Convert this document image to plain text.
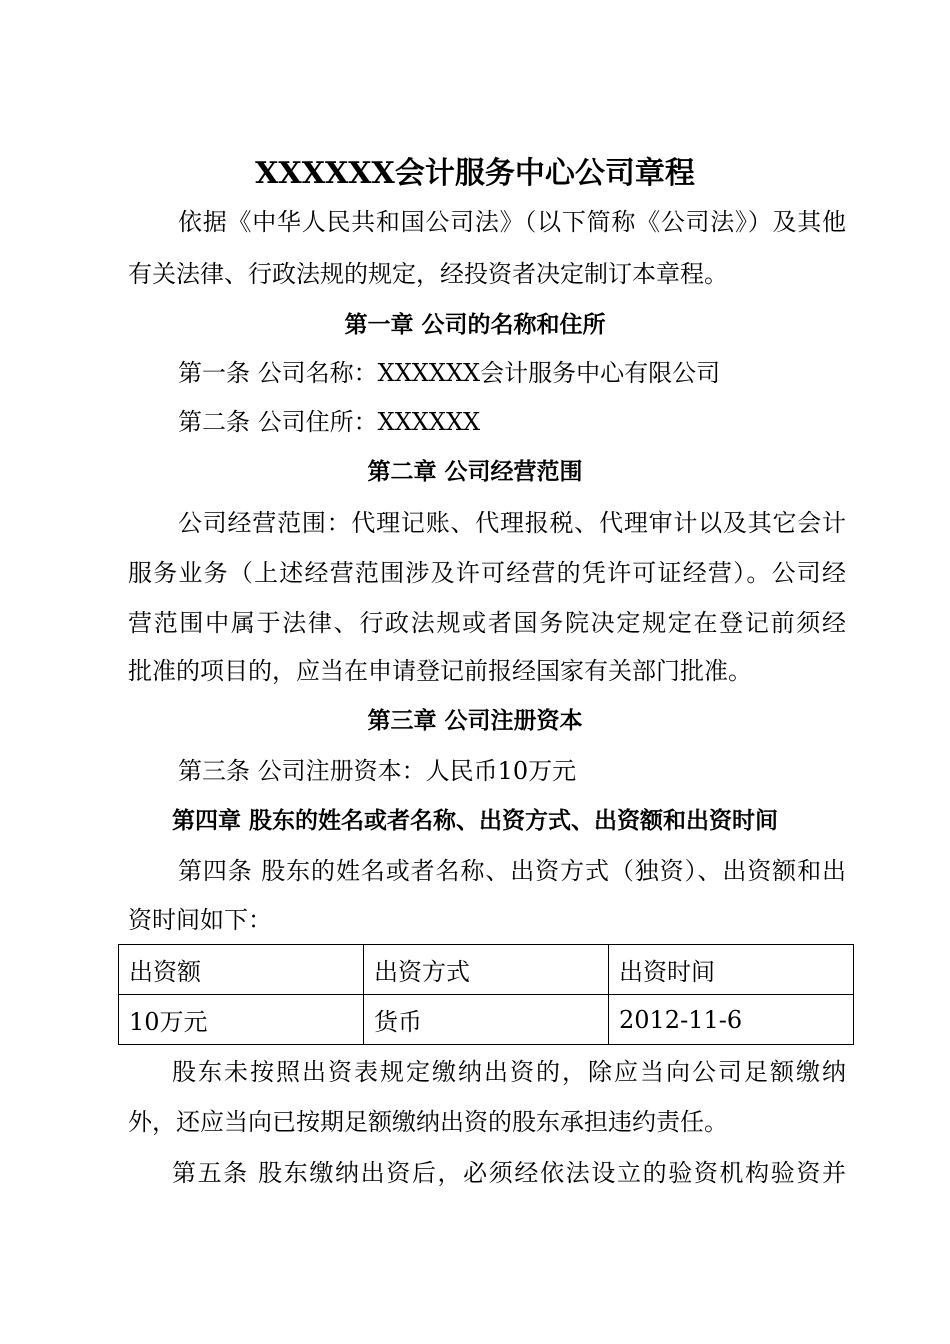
XXXXXX会计服务中心公司章程
依据《中华人民共和国公司法》（以下简称《公司法》）及其他
有关法律、行政法规的规定，经投资者决定制订本章程。
第一章 公司的名称和住所
第一条 公司名称：XXXXXX会计服务中心有限公司
第二条 公司住所：XXXXXX
第二章 公司经营范围
公司经营范围：代理记账、代理报税、代理审计以及其它会计
服务业务（上述经营范围涉及许可经营的凭许可证经营）。公司经
营范围中属于法律、行政法规或者国务院决定规定在登记前须经
批准的项目的，应当在申请登记前报经国家有关部门批准。
第三章 公司注册资本
第三条 公司注册资本：人民币10万元
第四章 股东的姓名或者名称、出资方式、出资额和出资时间
第四条 股东的姓名或者名称、出资方式（独资）、出资额和出
资时间如下：
出资额	出资方式	出资时间
10万元	货币	2012-11-6
股东未按照出资表规定缴纳出资的，除应当向公司足额缴纳
外，还应当向已按期足额缴纳出资的股东承担违约责任。
第五条 股东缴纳出资后，必须经依法设立的验资机构验资并
